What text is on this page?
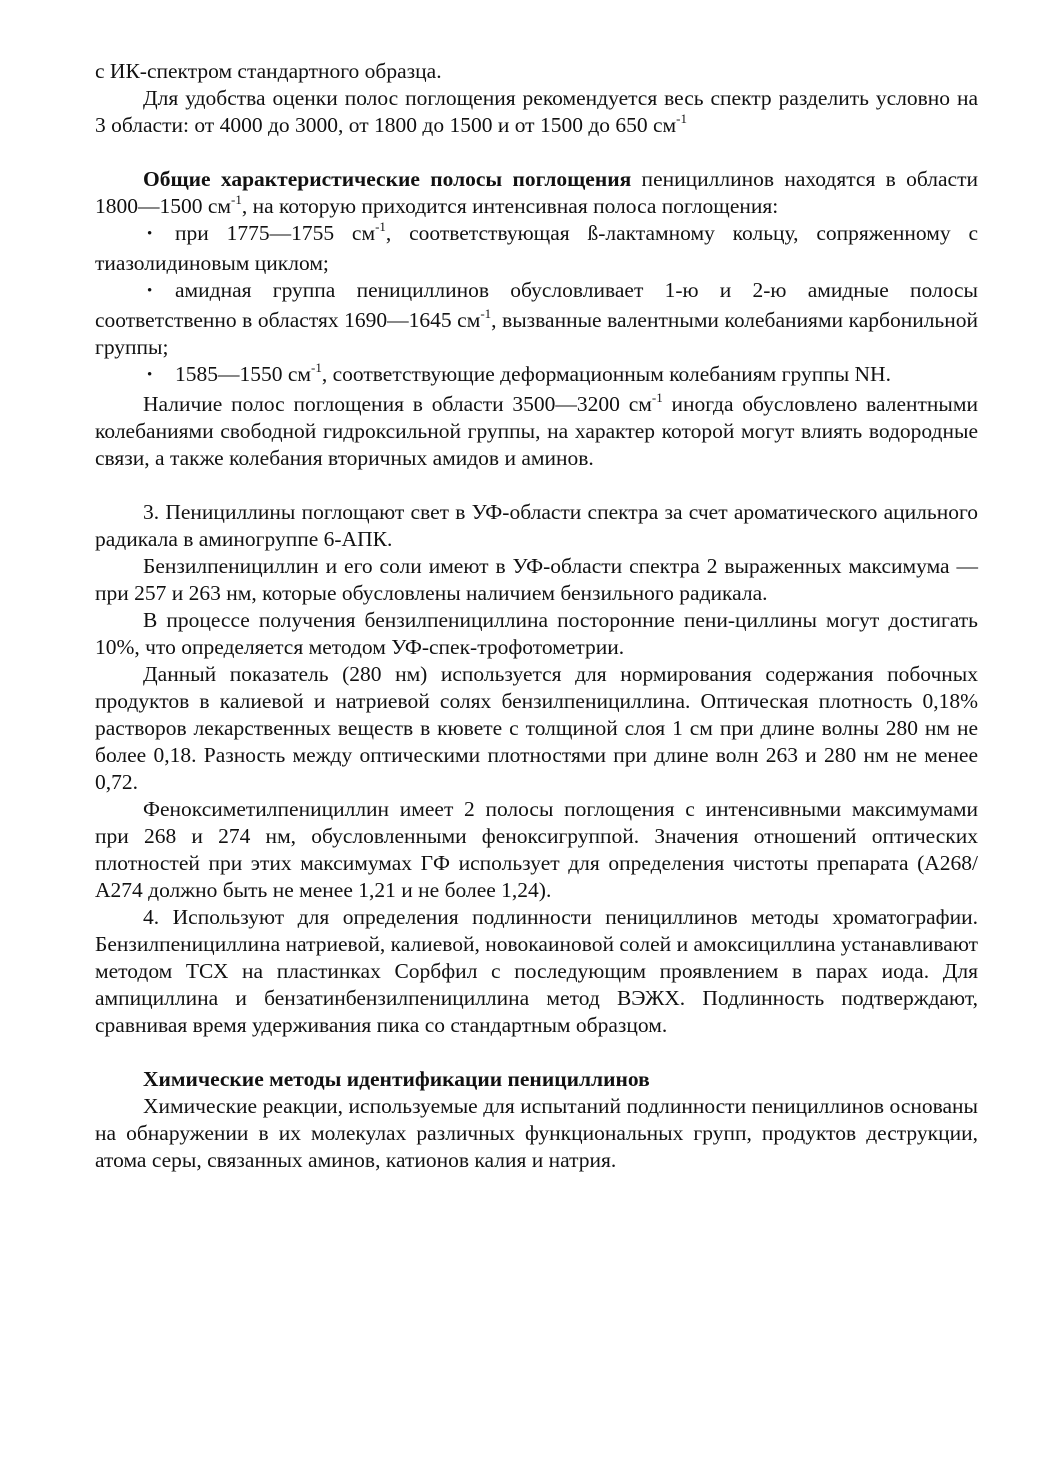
с ИК-спектром стандартного образца.

Для удобства оценки полос поглощения рекомендуется весь спектр разделить условно на 3 области: от 4000 до 3000, от 1800 до 1500 и от 1500 до 650 $см^{-1}$

Общие характеристические полосы поглощения пенициллинов находятся в области 1800—1500 $см^{-1}$, на которую приходится интенсивная полоса поглощения:

• при 1775—1755 $см^{-1}$, соответствующая ß-лактамному кольцу, сопряженному с тиазолидиновым циклом;

• амидная группа пенициллинов обусловливает 1-ю и 2-ю амидные полосы соответственно в областях 1690—1645 $см^{-1}$, вызванные валентными колебаниями карбонильной группы;

• 1585—1550 $см^{-1}$, соответствующие деформационным колебаниям группы NH.

Наличие полос поглощения в области 3500—3200 $см^{-1}$ иногда обусловлено валентными колебаниями свободной гидроксильной группы, на характер которой могут влиять водородные связи, а также колебания вторичных амидов и аминов.

3. Пенициллины поглощают свет в УФ-области спектра за счет ароматического ацильного радикала в аминогруппе 6-АПК.

Бензилпенициллин и его соли имеют в УФ-области спектра 2 выраженных максимума — при 257 и 263 нм, которые обусловлены наличием бензильного радикала.

В процессе получения бензилпенициллина посторонние пени-циллины могут достигать 10%, что определяется методом УФ-спек-трофотометрии.

Данный показатель (280 нм) используется для нормирования содержания побочных продуктов в калиевой и натриевой солях бензилпенициллина. Оптическая плотность 0,18% растворов лекарственных веществ в кювете с толщиной слоя 1 см при длине волны 280 нм не более 0,18. Разность между оптическими плотностями при длине волн 263 и 280 нм не менее 0,72.

Феноксиметилпенициллин имеет 2 полосы поглощения с интенсивными максимумами при 268 и 274 нм, обусловленными феноксигруппой. Значения отношений оптических плотностей при этих максимумах ГФ использует для определения чистоты препарата (А268/А274 должно быть не менее 1,21 и не более 1,24).

4. Используют для определения подлинности пенициллинов методы хроматографии. Бензилпенициллина натриевой, калиевой, новокаиновой солей и амоксициллина устанавливают методом ТСХ на пластинках Сорбфил с последующим проявлением в парах иода. Для ампициллина и бензатинбензилпенициллина метод ВЭЖХ. Подлинность подтверждают, сравнивая время удерживания пика со стандартным образцом.

Химические методы идентификации пенициллинов

Химические реакции, используемые для испытаний подлинности пенициллинов основаны на обнаружении в их молекулах различных функциональных групп, продуктов деструкции, атома серы, связанных аминов, катионов калия и натрия.
